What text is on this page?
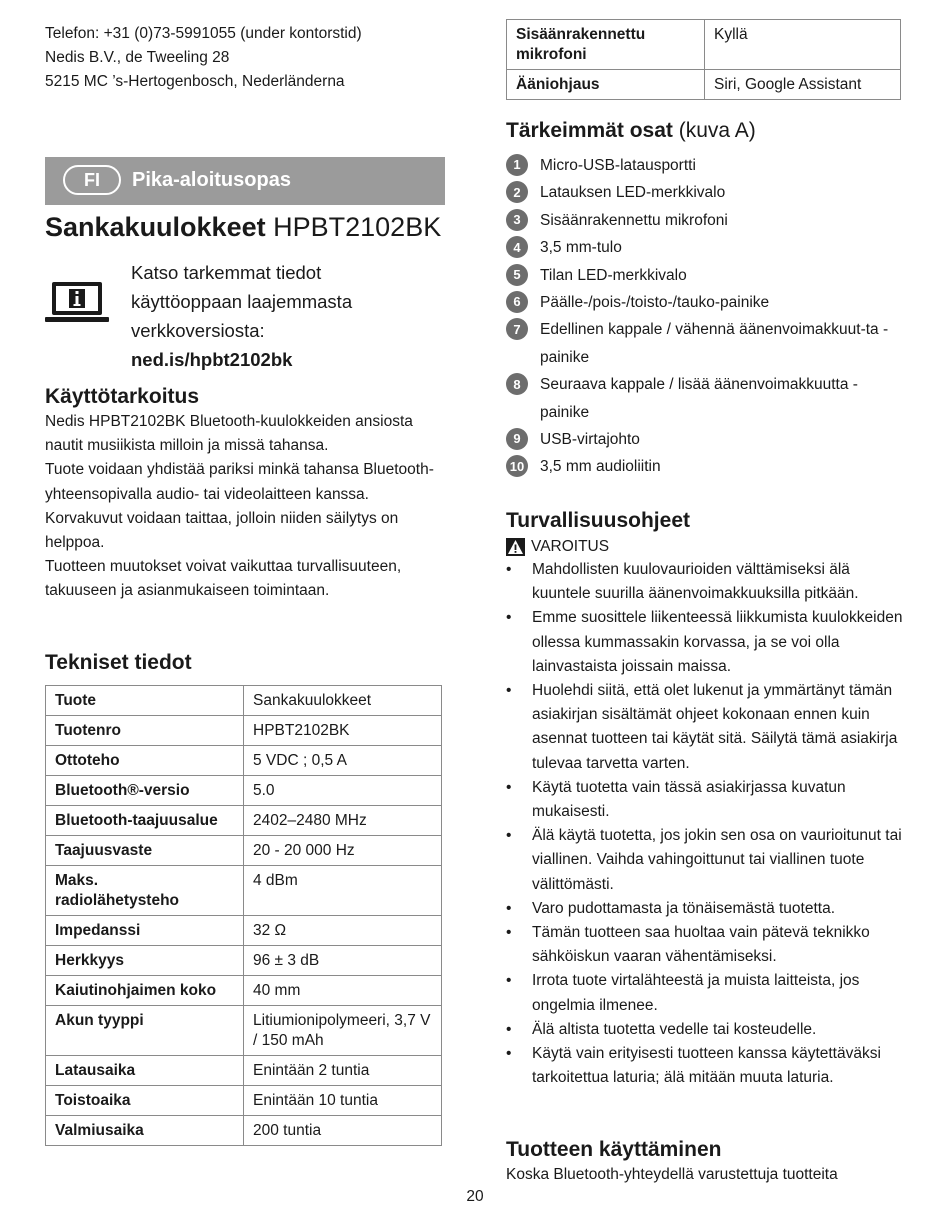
Telefon: +31 (0)73-5991055 (under kontorstid)
Nedis B.V., de Tweeling 28
5215 MC ’s-Hertogenbosch, Nederländerna
FI	Pika-aloitusopas
Sankakuulokkeet HPBT2102BK
Katso tarkemmat tiedot
käyttöoppaan laajemmasta
verkkoversiosta:
ned.is/hpbt2102bk
Käyttötarkoitus
Nedis HPBT2102BK Bluetooth-kuulokkeiden ansiosta nautit musiikista milloin ja missä tahansa.
Tuote voidaan yhdistää pariksi minkä tahansa Bluetooth-yhteensopivalla audio- tai videolaitteen kanssa.
Korvakuvut voidaan taittaa, jolloin niiden säilytys on helppoa.
Tuotteen muutokset voivat vaikuttaa turvallisuuteen, takuuseen ja asianmukaiseen toimintaan.
Tekniset tiedot
Tuote	Sankakuulokkeet
Tuotenro	HPBT2102BK
Ottoteho	5 VDC ; 0,5 A
Bluetooth®-versio	5.0
Bluetooth-taajuusalue	2402–2480 MHz
Taajuusvaste	20 - 20 000 Hz
Maks. radiolähetysteho	4 dBm
Impedanssi	32 Ω
Herkkyys	96 ± 3 dB
Kaiutinohjaimen koko	40 mm
Akun tyyppi	Litiumionipolymeeri, 3,7 V / 150 mAh
Latausaika	Enintään 2 tuntia
Toistoaika	Enintään 10 tuntia
Valmiusaika	200 tuntia
Sisäänrakennettu mikrofoni	Kyllä
Ääniohjaus	Siri, Google Assistant
Tärkeimmät osat (kuva A)
1	Micro-USB-latausportti
2	Latauksen LED-merkkivalo
3	Sisäänrakennettu mikrofoni
4	3,5 mm-tulo
5	Tilan LED-merkkivalo
6	Päälle-/pois-/toisto-/tauko-painike
7	Edellinen kappale / vähennä äänenvoimakkuut-ta -painike
8	Seuraava kappale / lisää äänenvoimakkuutta -painike
9	USB-virtajohto
10 3,5 mm audioliitin
Turvallisuusohjeet
VAROITUS
• Mahdollisten kuulovaurioiden välttämiseksi älä kuuntele suurilla äänenvoimakkuuksilla pitkään.
• Emme suosittele liikenteessä liikkumista kuulokkeiden ollessa kummassakin korvassa, ja se voi olla lainvastaista joissain maissa.
• Huolehdi siitä, että olet lukenut ja ymmärtänyt tämän asiakirjan sisältämät ohjeet kokonaan ennen kuin asennat tuotteen tai käytät sitä. Säilytä tämä asiakirja tulevaa tarvetta varten.
• Käytä tuotetta vain tässä asiakirjassa kuvatun mukaisesti.
• Älä käytä tuotetta, jos jokin sen osa on vaurioitunut tai viallinen. Vaihda vahingoittunut tai viallinen tuote välittömästi.
• Varo pudottamasta ja tönäisemästä tuotetta.
• Tämän tuotteen saa huoltaa vain pätevä teknikko sähköiskun vaaran vähentämiseksi.
• Irrota tuote virtalähteestä ja muista laitteista, jos ongelmia ilmenee.
• Älä altista tuotetta vedelle tai kosteudelle.
• Käytä vain erityisesti tuotteen kanssa käytettäväksi tarkoitettua laturia; älä mitään muuta laturia.
Tuotteen käyttäminen
Koska Bluetooth-yhteydellä varustettuja tuotteita
20
